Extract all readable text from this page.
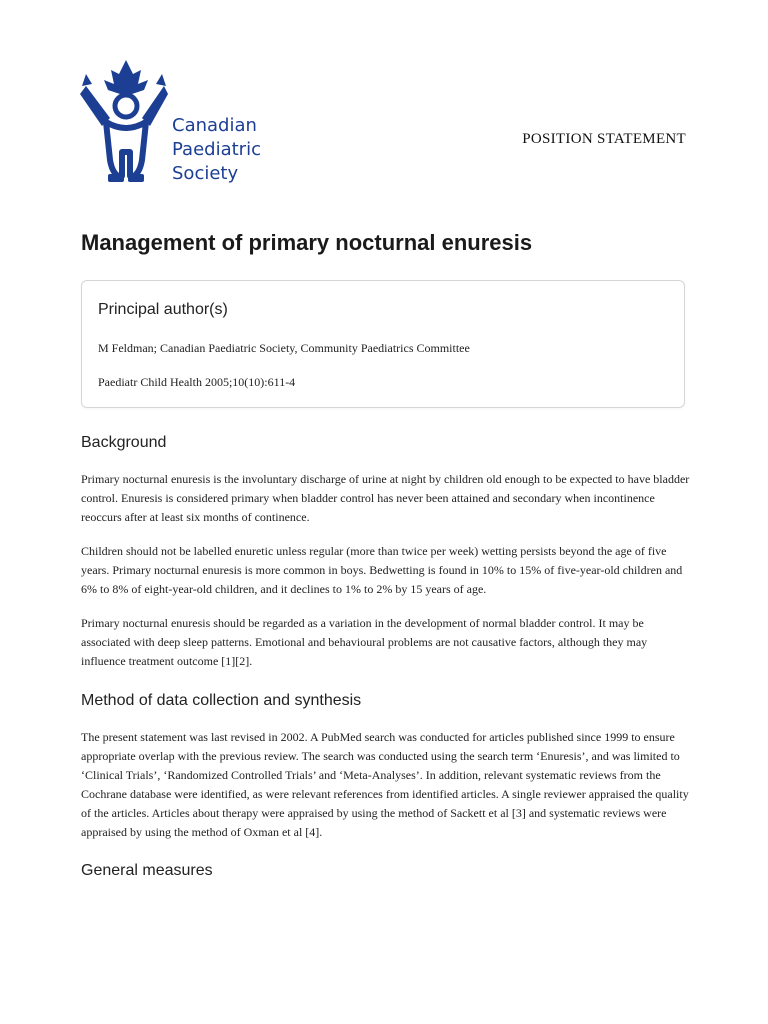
Canadian
Paediatric
Society
POSITION STATEMENT
Management of primary nocturnal enuresis
Principal author(s)
M Feldman; Canadian Paediatric Society, Community Paediatrics Committee
Paediatr Child Health 2005;10(10):611-4
Background

Primary nocturnal enuresis is the involuntary discharge of urine at night by children old enough to be expected to have bladder control. Enuresis is considered primary when bladder control has never been attained and secondary when incontinence reoccurs after at least six months of continence.

Children should not be labelled enuretic unless regular (more than twice per week) wetting persists beyond the age of five years. Primary nocturnal enuresis is more common in boys. Bedwetting is found in 10% to 15% of five-year-old children and 6% to 8% of eight-year-old children, and it declines to 1% to 2% by 15 years of age.

Primary nocturnal enuresis should be regarded as a variation in the development of normal bladder control. It may be associated with deep sleep patterns. Emotional and behavioural problems are not causative factors, although they may influence treatment outcome [1][2].

Method of data collection and synthesis

The present statement was last revised in 2002. A PubMed search was conducted for articles published since 1999 to ensure appropriate overlap with the previous review. The search was conducted using the search term ‘Enuresis’, and was limited to ‘Clinical Trials’, ‘Randomized Controlled Trials’ and ‘Meta-Analyses’. In addition, relevant systematic reviews from the Cochrane database were identified, as were relevant references from identified articles. A single reviewer appraised the quality of the articles. Articles about therapy were appraised by using the method of Sackett et al [3] and systematic reviews were appraised by using the method of Oxman et al [4].

General measures
